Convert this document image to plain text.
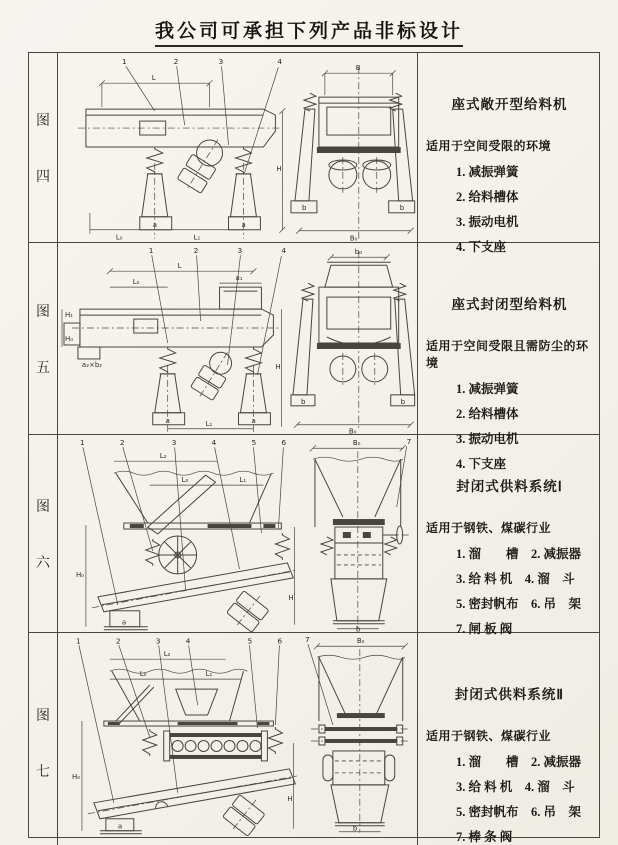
我公司可承担下列产品非标设计
图
四
1	2	3	4
L
a	a
H
L₀	L₁
B
b	b
B₀
座式敞开型给料机
适用于空间受限的环境
1. 减振弹簧
2. 给料槽体
3. 振动电机
4. 下支座
图
五
1	2	3	4
L
L₀	a₁
H₁
H₀
a₂×b₂
a	a
H
L₁
b₀
b	b
B₀
座式封闭型给料机
适用于空间受限且需防尘的环境
1. 减振弹簧
2. 给料槽体
3. 振动电机
4. 下支座
图
六
1	2	3	4	5	6
L₂
L₀	L₁
a
H₀
H
B₀	7
b
封闭式供料系统Ⅰ
适用于钢铁、煤碳行业
1. 溜　　槽　2. 减振器
3. 给 料 机　4. 溜　斗
5. 密封帆布　6. 吊　架
7. 闸 板 阀
图
七
1	2	3	4	5	6
L₂
L₀	L₁
a
H₀
H
7	B₀
b
封闭式供料系统Ⅱ
适用于钢铁、煤碳行业
1. 溜　　槽　2. 减振器
3. 给 料 机　4. 溜　斗
5. 密封帆布　6. 吊　架
7. 棒 条 阀
